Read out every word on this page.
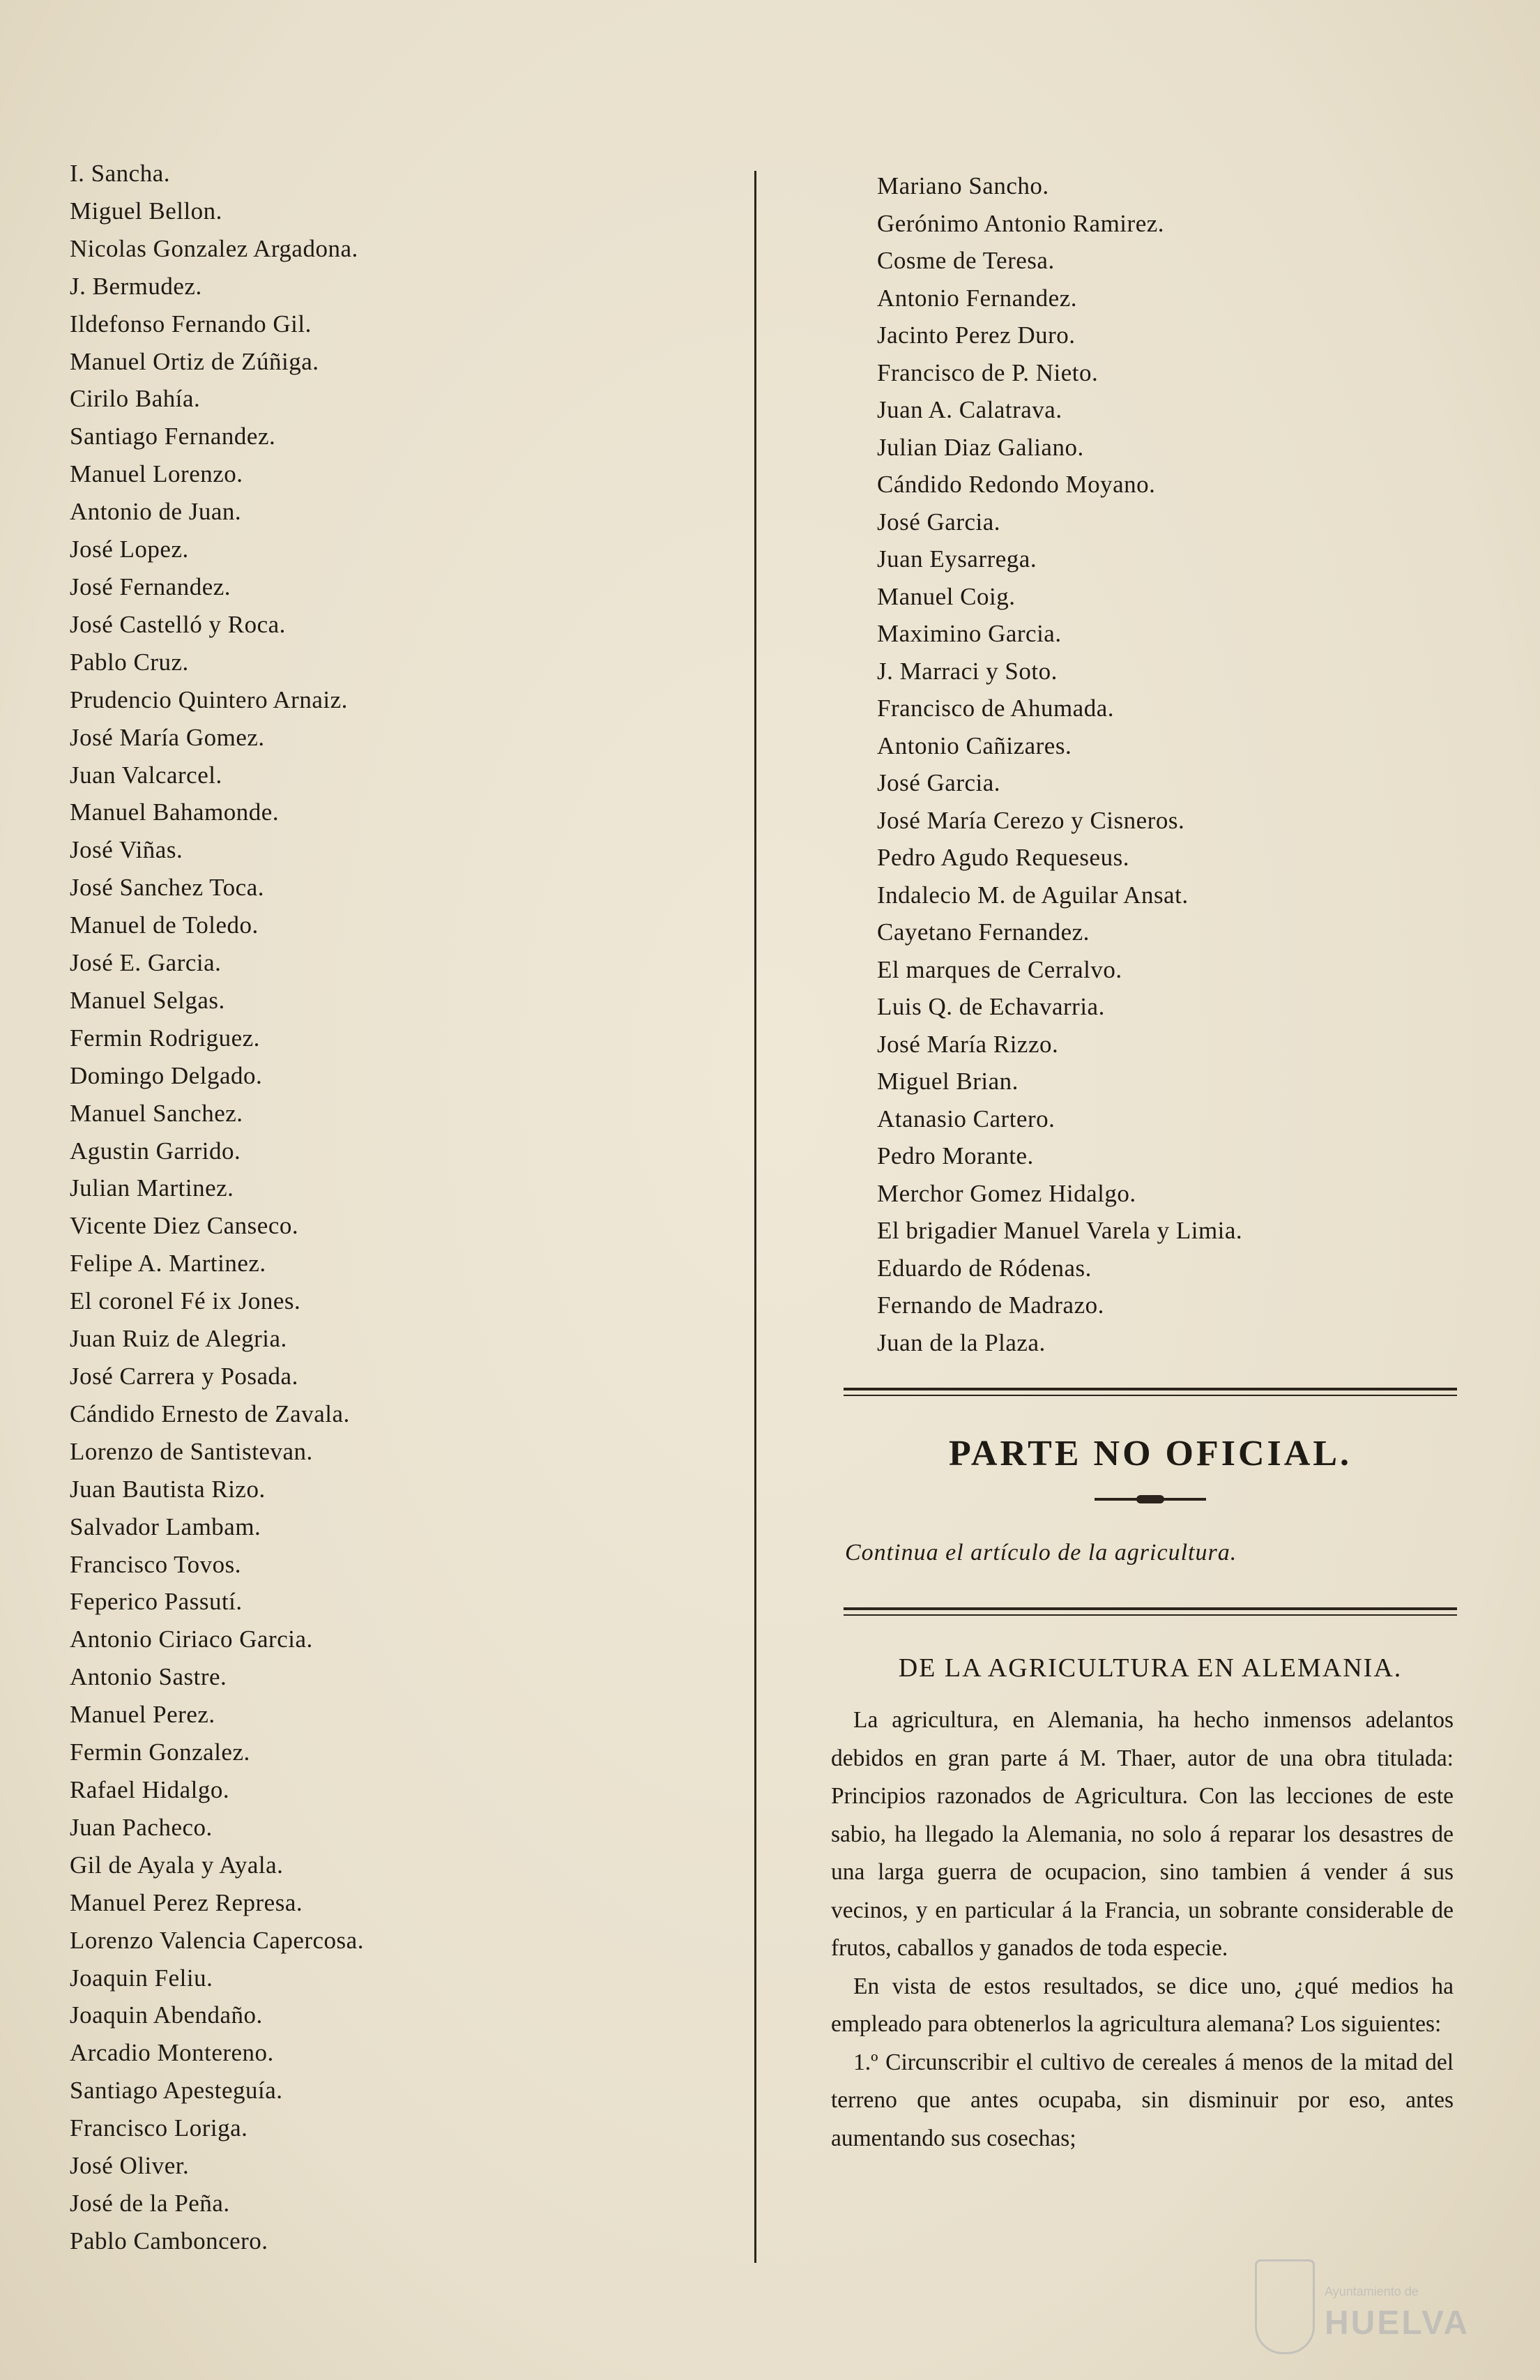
I. Sancha.
Miguel Bellon.
Nicolas Gonzalez Argadona.
J. Bermudez.
Ildefonso Fernando Gil.
Manuel Ortiz de Zúñiga.
Cirilo Bahía.
Santiago Fernandez.
Manuel Lorenzo.
Antonio de Juan.
José Lopez.
José Fernandez.
José Castelló y Roca.
Pablo Cruz.
Prudencio Quintero Arnaiz.
José María Gomez.
Juan Valcarcel.
Manuel Bahamonde.
José Viñas.
José Sanchez Toca.
Manuel de Toledo.
José E. Garcia.
Manuel Selgas.
Fermin Rodriguez.
Domingo Delgado.
Manuel Sanchez.
Agustin Garrido.
Julian Martinez.
Vicente Diez Canseco.
Felipe A. Martinez.
El coronel Fé ix Jones.
Juan Ruiz de Alegria.
José Carrera y Posada.
Cándido Ernesto de Zavala.
Lorenzo de Santistevan.
Juan Bautista Rizo.
Salvador Lambam.
Francisco Tovos.
Feperico Passutí.
Antonio Ciriaco Garcia.
Antonio Sastre.
Manuel Perez.
Fermin Gonzalez.
Rafael Hidalgo.
Juan Pacheco.
Gil de Ayala y Ayala.
Manuel Perez Represa.
Lorenzo Valencia Capercosa.
Joaquin Feliu.
Joaquin Abendaño.
Arcadio Montereno.
Santiago Apesteguía.
Francisco Loriga.
José Oliver.
José de la Peña.
Pablo Camboncero.
Mariano Sancho.
Gerónimo Antonio Ramirez.
Cosme de Teresa.
Antonio Fernandez.
Jacinto Perez Duro.
Francisco de P. Nieto.
Juan A. Calatrava.
Julian Diaz Galiano.
Cándido Redondo Moyano.
José Garcia.
Juan Eysarrega.
Manuel Coig.
Maximino Garcia.
J. Marraci y Soto.
Francisco de Ahumada.
Antonio Cañizares.
José Garcia.
José María Cerezo y Cisneros.
Pedro Agudo Requeseus.
Indalecio M. de Aguilar Ansat.
Cayetano Fernandez.
El marques de Cerralvo.
Luis Q. de Echavarria.
José María Rizzo.
Miguel Brian.
Atanasio Cartero.
Pedro Morante.
Merchor Gomez Hidalgo.
El brigadier Manuel Varela y Limia.
Eduardo de Ródenas.
Fernando de Madrazo.
Juan de la Plaza.
PARTE NO OFICIAL.
Continua el artículo de la agricultura.
DE LA AGRICULTURA EN ALEMANIA.

La agricultura, en Alemania, ha hecho inmensos adelantos debidos en gran parte á M. Thaer, autor de una obra titulada: Principios razonados de Agricultura. Con las lecciones de este sabio, ha llegado la Alemania, no solo á reparar los desastres de una larga guerra de ocupacion, sino tambien á vender á sus vecinos, y en particular á la Francia, un sobrante considerable de frutos, caballos y ganados de toda especie.

En vista de estos resultados, se dice uno, ¿qué medios ha empleado para obtenerlos la agricultura alemana? Los siguientes:

1.º Circunscribir el cultivo de cereales á menos de la mitad del terreno que antes ocupaba, sin disminuir por eso, antes aumentando sus cosechas;

Ayuntamiento de
HUELVA
